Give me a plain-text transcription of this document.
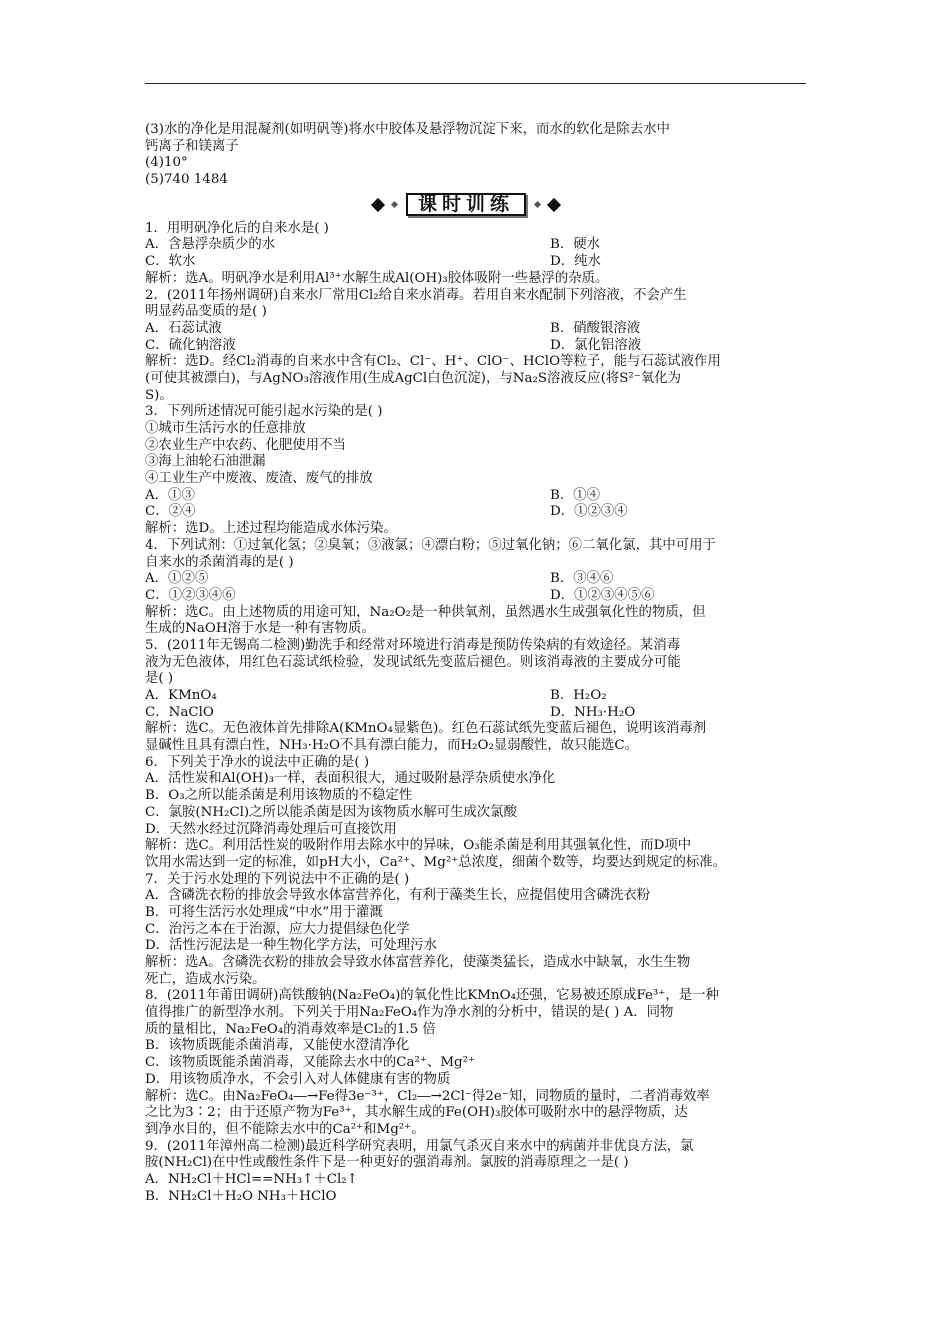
(3)水的净化是用混凝剂(如明矾等)将水中胶体及悬浮物沉淀下来，而水的软化是除去水中
钙离子和镁离子
(4)10°
(5)740 1484
课时训练
1．用明矾净化后的自来水是( )
A．含悬浮杂质少的水	B．硬水
C．软水	D．纯水
解析：选A。明矾净水是利用Al³⁺水解生成Al(OH)₃胶体吸附一些悬浮的杂质。
2．(2011年扬州调研)自来水厂常用Cl₂给自来水消毒。若用自来水配制下列溶液，不会产生
明显药品变质的是( )
A．石蕊试液	B．硝酸银溶液
C．硫化钠溶液	D．氯化铝溶液
解析：选D。经Cl₂消毒的自来水中含有Cl₂、Cl⁻、H⁺、ClO⁻、HClO等粒子，能与石蕊试液作用
(可使其被漂白)，与AgNO₃溶液作用(生成AgCl白色沉淀)，与Na₂S溶液反应(将S²⁻氧化为
S)。
3．下列所述情况可能引起水污染的是( )
①城市生活污水的任意排放
②农业生产中农药、化肥使用不当
③海上油轮石油泄漏
④工业生产中废液、废渣、废气的排放
A．①③	B．①④
C．②④	D．①②③④
解析：选D。上述过程均能造成水体污染。
4．下列试剂：①过氧化氢；②臭氧；③液氯；④漂白粉；⑤过氧化钠；⑥二氧化氯，其中可用于
自来水的杀菌消毒的是( )
A．①②⑤	B．③④⑥
C．①②③④⑥	D．①②③④⑤⑥
解析：选C。由上述物质的用途可知，Na₂O₂是一种供氧剂，虽然遇水生成强氧化性的物质，但
生成的NaOH溶于水是一种有害物质。
5．(2011年无锡高二检测)勤洗手和经常对环境进行消毒是预防传染病的有效途径。某消毒
液为无色液体，用红色石蕊试纸检验，发现试纸先变蓝后褪色。则该消毒液的主要成分可能
是( )
A．KMnO₄	B．H₂O₂
C．NaClO	D．NH₃·H₂O
解析：选C。无色液体首先排除A(KMnO₄显紫色)。红色石蕊试纸先变蓝后褪色，说明该消毒剂
显碱性且具有漂白性，NH₃·H₂O不具有漂白能力，而H₂O₂显弱酸性，故只能选C。
6．下列关于净水的说法中正确的是( )
A．活性炭和Al(OH)₃一样，表面积很大，通过吸附悬浮杂质使水净化
B．O₃之所以能杀菌是利用该物质的不稳定性
C．氯胺(NH₂Cl)之所以能杀菌是因为该物质水解可生成次氯酸
D．天然水经过沉降消毒处理后可直接饮用
解析：选C。利用活性炭的吸附作用去除水中的异味，O₃能杀菌是利用其强氧化性，而D项中
饮用水需达到一定的标准，如pH大小，Ca²⁺、Mg²⁺总浓度，细菌个数等，均要达到规定的标准。
7．关于污水处理的下列说法中不正确的是( )
A．含磷洗衣粉的排放会导致水体富营养化，有利于藻类生长，应提倡使用含磷洗衣粉
B．可将生活污水处理成“中水”用于灌溉
C．治污之本在于治源，应大力提倡绿色化学
D．活性污泥法是一种生物化学方法，可处理污水
解析：选A。含磷洗衣粉的排放会导致水体富营养化，使藻类猛长，造成水中缺氧，水生生物
死亡，造成水污染。
8．(2011年莆田调研)高铁酸钠(Na₂FeO₄)的氧化性比KMnO₄还强，它易被还原成Fe³⁺，是一种
值得推广的新型净水剂。下列关于用Na₂FeO₄作为净水剂的分析中，错误的是( ) A．同物
质的量相比，Na₂FeO₄的消毒效率是Cl₂的1.5 倍
B．该物质既能杀菌消毒，又能使水澄清净化
C．该物质既能杀菌消毒，又能除去水中的Ca²⁺、Mg²⁺
D．用该物质净水，不会引入对人体健康有害的物质
解析：选C。由Na₂FeO₄―→Fe得3e⁻³⁺，Cl₂―→2Cl⁻得2e⁻知，同物质的量时，二者消毒效率
之比为3∶2；由于还原产物为Fe³⁺，其水解生成的Fe(OH)₃胶体可吸附水中的悬浮物质，达
到净水目的，但不能除去水中的Ca²⁺和Mg²⁺。
9．(2011年漳州高二检测)最近科学研究表明，用氯气杀灭自来水中的病菌并非优良方法，氯
胺(NH₂Cl)在中性或酸性条件下是一种更好的强消毒剂。氯胺的消毒原理之一是( )
A．NH₂Cl＋HCl==NH₃↑＋Cl₂↑
B．NH₂Cl＋H₂O NH₃＋HClO
